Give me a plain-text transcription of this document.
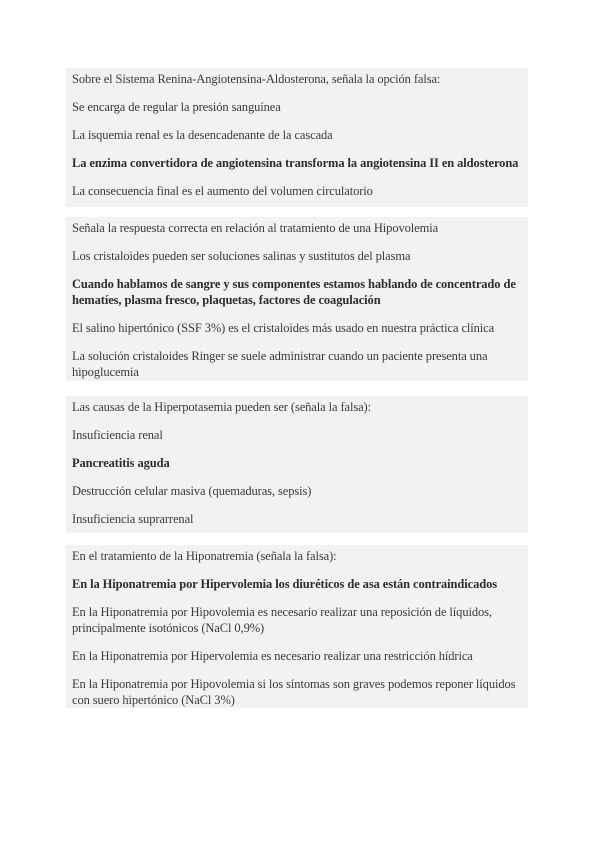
Sobre el Sistema Renina-Angiotensina-Aldosterona, señala la opción falsa:
Se encarga de regular la presión sanguínea
La isquemia renal es la desencadenante de la cascada
La enzima convertidora de angiotensina transforma la angiotensina II en aldosterona
La consecuencia final es el aumento del volumen circulatorio
Señala la respuesta correcta en relación al tratamiento de una Hipovolemia
Los cristaloides pueden ser soluciones salinas y sustitutos del plasma
Cuando hablamos de sangre y sus componentes estamos hablando de concentrado de hematíes, plasma fresco, plaquetas, factores de coagulación
El salino hipertónico (SSF 3%) es el cristaloides más usado en nuestra práctica clínica
La solución cristaloides Ringer se suele administrar cuando un paciente presenta una hipoglucemia
Las causas de la Hiperpotasemia pueden ser (señala la falsa):
Insuficiencia renal
Pancreatitis aguda
Destrucción celular masiva (quemaduras, sepsis)
Insuficiencia suprarrenal
En el tratamiento de la Hiponatremia (señala la falsa):
En la Hiponatremia por Hipervolemia los diuréticos de asa están contraindicados
En la Hiponatremia por Hipovolemia es necesario realizar una reposición de líquidos, principalmente isotónicos (NaCl 0,9%)
En la Hiponatremia por Hipervolemia es necesario realizar una restricción hídrica
En la Hiponatremia por Hipovolemia si los síntomas son graves podemos reponer líquidos con suero hipertónico (NaCl 3%)
